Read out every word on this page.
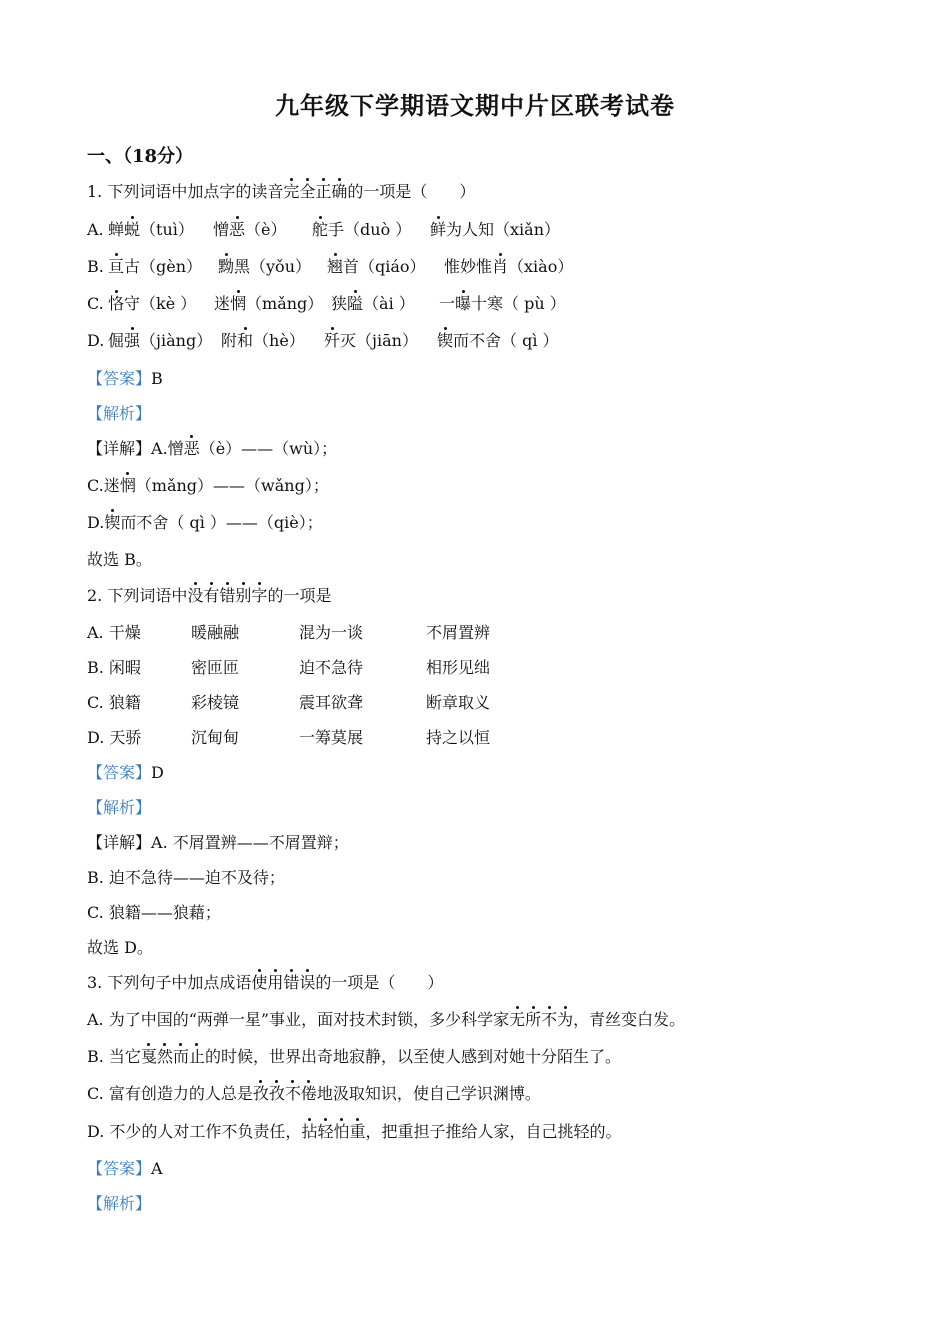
九年级下学期语文期中片区联考试卷
一、（18分）
1. 下列词语中加点字的读音完全正确的一项是（　　）
A. 蝉蜕（tuì） 憎恶（è） 舵手（duò ） 鲜为人知（xiǎn）
B. 亘古（gèn） 黝黑（yǒu） 翘首（qiáo） 惟妙惟肖（xiào）
C. 恪守（kè ） 迷惘（mǎng） 狭隘（ài ） 一曝十寒（ pù ）
D. 倔强（jiàng） 附和（hè） 歼灭（jiān） 锲而不舍（ qì ）
【答案】B
【解析】
【详解】A.憎恶（è）——（wù）；
C.迷惘（mǎng）——（wǎng）；
D.锲而不舍（ qì ）——（qiè）；
故选 B。
2. 下列词语中没有错别字的一项是
A. 干燥	暖融融	混为一谈	不屑置辨
B. 闲暇	密匝匝	迫不急待	相形见绌
C. 狼籍	彩棱镜	震耳欲聋	断章取义
D. 天骄	沉甸甸	一筹莫展	持之以恒
【答案】D
【解析】
【详解】A. 不屑置辨——不屑置辩；
B. 迫不急待——迫不及待；
C. 狼籍——狼藉；
故选 D。
3. 下列句子中加点成语使用错误的一项是（　　）
A. 为了中国的“两弹一星”事业，面对技术封锁，多少科学家无所不为，青丝变白发。
B. 当它戛然而止的时候，世界出奇地寂静，以至使人感到对她十分陌生了。
C. 富有创造力的人总是孜孜不倦地汲取知识，使自己学识渊博。
D. 不少的人对工作不负责任，拈轻怕重，把重担子推给人家，自己挑轻的。
【答案】A
【解析】
